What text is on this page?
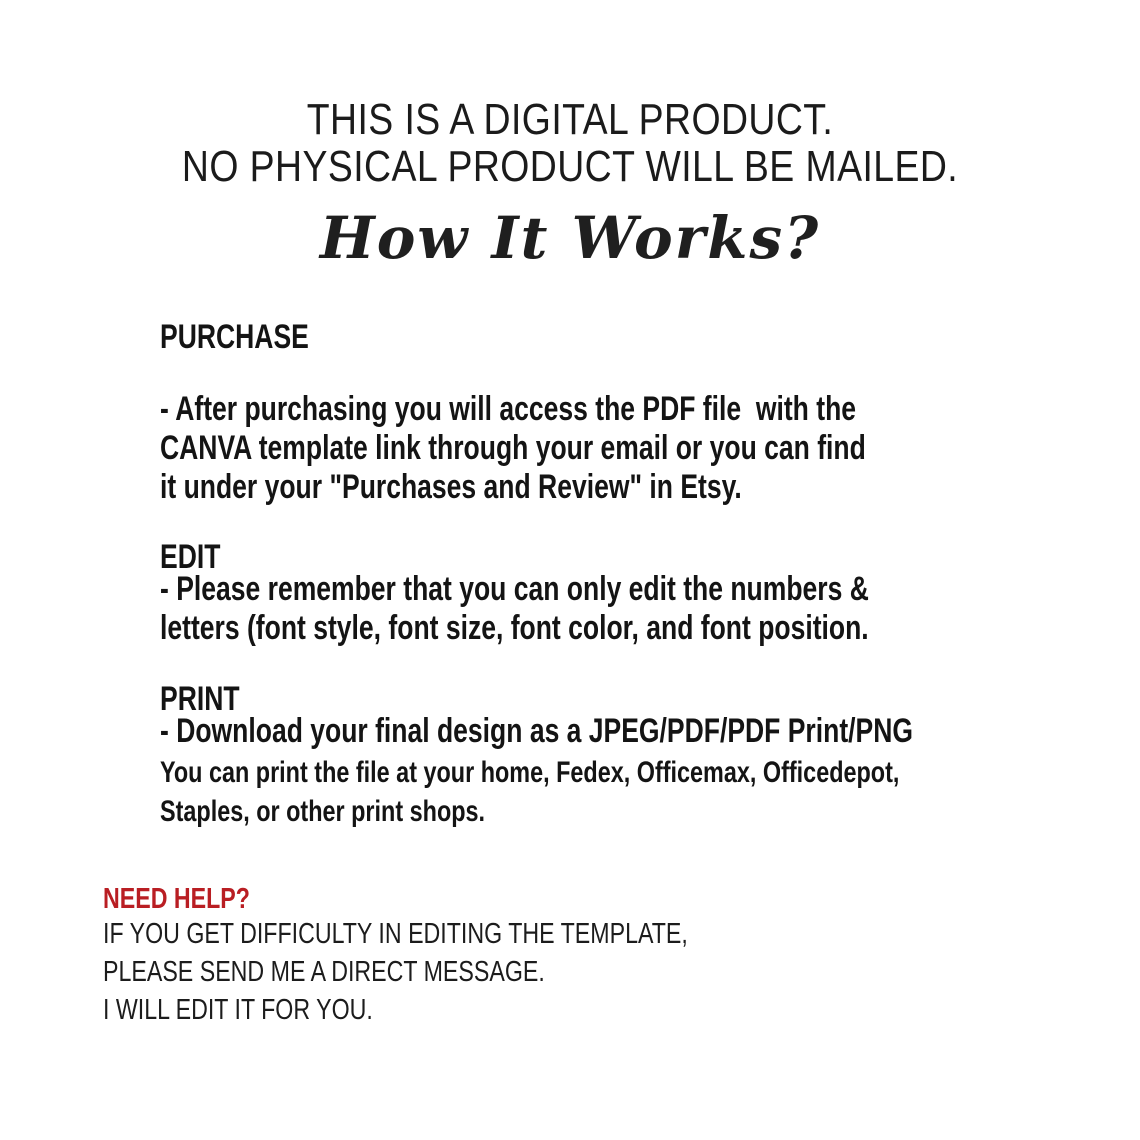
THIS IS A DIGITAL PRODUCT.
NO PHYSICAL PRODUCT WILL BE MAILED.
How It Works?
PURCHASE
- After purchasing you will access the PDF file  with the
CANVA template link through your email or you can find
it under your "Purchases and Review" in Etsy.
EDIT
- Please remember that you can only edit the numbers &
letters (font style, font size, font color, and font position.
PRINT
- Download your final design as a JPEG/PDF/PDF Print/PNG
You can print the file at your home, Fedex, Officemax, Officedepot,
Staples, or other print shops.
NEED HELP?
IF YOU GET DIFFICULTY IN EDITING THE TEMPLATE,
PLEASE SEND ME A DIRECT MESSAGE.
I WILL EDIT IT FOR YOU.
